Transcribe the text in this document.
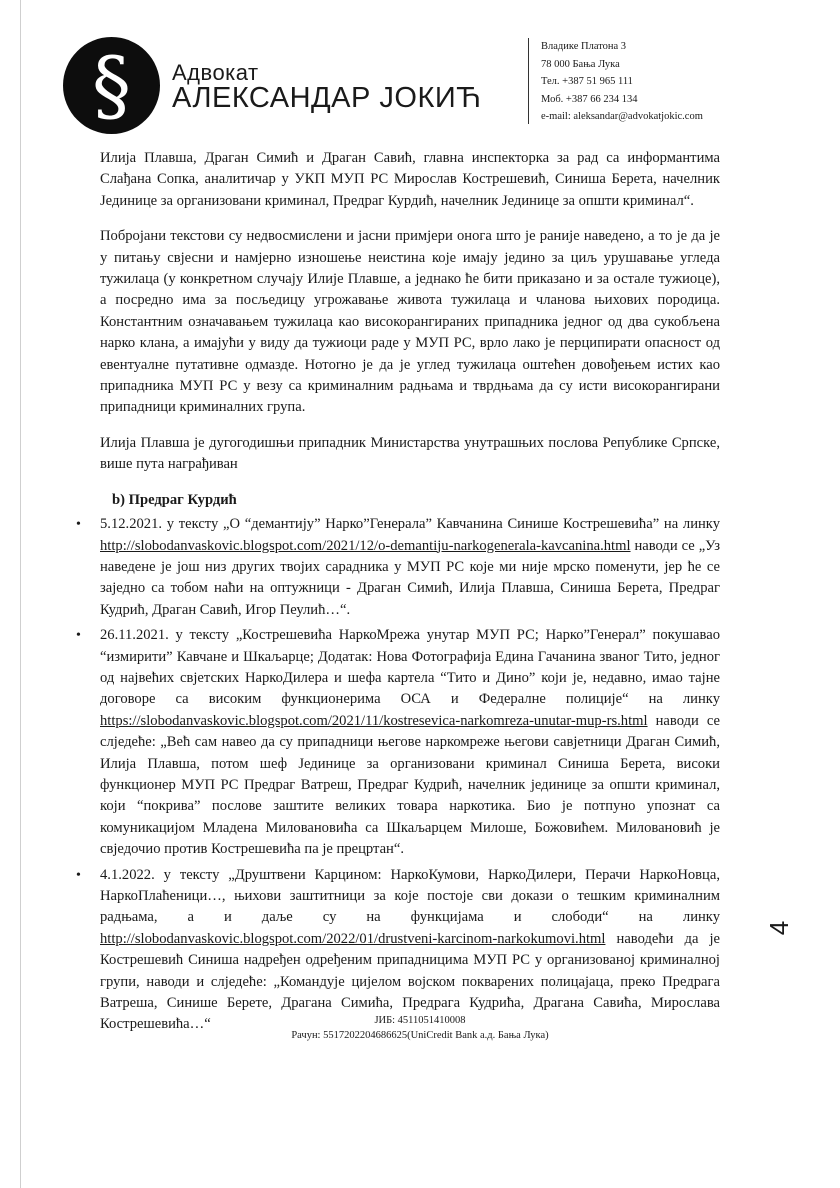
§ Адвокат
АЛЕКСАНДАР ЈОКИЋ
Владике Платона 3
78 000 Бања Лука
Тел. +387 51 965 111
Моб. +387 66 234 134
e-mail: aleksandar@advokatjokic.com

Илија Плавша, Драган Симић и Драган Савић, главна инспекторка за рад са информантима Слађана Сопка, аналитичар у УКП МУП РС Мирослав Кострешевић, Синиша Берета, начелник Јединице за организовани криминал, Предраг Курдић, начелник Јединице за општи криминал“.

Побројани текстови су недвосмислени и јасни примјери онога што је раније наведено, а то је да је у питању свјесни и намјерно изношење неистина које имају једино за циљ урушавање угледа тужилаца (у конкретном случају Илије Плавше, а једнако ће бити приказано и за остале тужиоце), а посредно има за посљедицу угрожавање живота тужилаца и чланова њихових породица. Константним означавањем тужилаца као високорангираних припадника једног од два сукобљена нарко клана, а имајући у виду да тужиоци раде у МУП РС, врло лако је перципирати опасност од евентуалне путативне одмазде. Нотorно је да је углед тужилаца оштећен довођењем истих као припадника МУП РС у везу са криминалним радњама и тврдњама да су исти високорангирани припадници криминалних група.

Илија Плавша је дугогодишњи припадник Министарства унутрашњих послова Републике Српске, више пута награђиван

b) Предраг Курдић
• 5.12.2021. у тексту „О “демантију” Нарко”Генерала” Кавчанина Синише Кострешевића” на линку http://slobodanvaskovic.blogspot.com/2021/12/o-demantiju-narkogenerala-kavcanina.html наводи се „Уз наведене је још низ других твојих сарадника у МУП РС које ми није мрско поменути, јер ће се заједно са тобом наћи на оптужници - Драган Симић, Илија Плавша, Синиша Берета, Предраг Кудрић, Драган Савић, Игор Пеулић…“.
• 26.11.2021. у тексту „Кострешевића НаркоМрежа унутар МУП РС; Нарко”Генерал” покушавао “измирити” Кавчане и Шкаљарце; Додатак: Нова Фотографија Едина Гачанина званог Тито, једног од највећих свјетских НаркоДилера и шефа картела “Тито и Дино” који је, недавно, имао тајне договоре са високим функционерима ОСА и Федералне полиције“ на линку https://slobodanvaskovic.blogspot.com/2021/11/kostresevica-narkomreza-unutar-mup-rs.html наводи се слједеће: „Већ сам навео да су припадници његове наркомреже његови савјетници Драган Симић, Илија Плавша, потом шеф Јединице за организовани криминал Синиша Берета, високи функционер МУП РС Предраг Ватреш, Предраг Кудрић, начелник јединице за општи криминал, који “покрива” послове заштите великих товара наркотика. Био је потпуно упознат са комуникацијом Младена Миловановића са Шкаљарцем Милоше, Божовићем. Миловановић је свједочио против Кострешевића па је прецртан“.
• 4.1.2022. у тексту „Друштвени Карцином: НаркоКумови, НаркоДилери, Перачи НаркоНовца, НаркоПлаћеници…, њихови заштитници за које постоје сви докази о тешким криминалним радњама, а и даље су на функцијама и слободи“ на линку http://slobodanvaskovic.blogspot.com/2022/01/drustveni-karcinom-narkokumovi.html наводећи да је Кострешевић Синиша надређен одређеним припадницима МУП РС у организованој криминалној групи, наводи и слједеће: „Командује цијелом војском покварених полицајаца, преко Предрага Ватреша, Синише Берете, Драгана Симића, Предрага Кудрића, Драгана Савића, Мирослава Кострешевића…“
4
ЈИБ: 4511051410008
Рачун: 5517202204686625(UniCredit Bank а.д. Бања Лука)
